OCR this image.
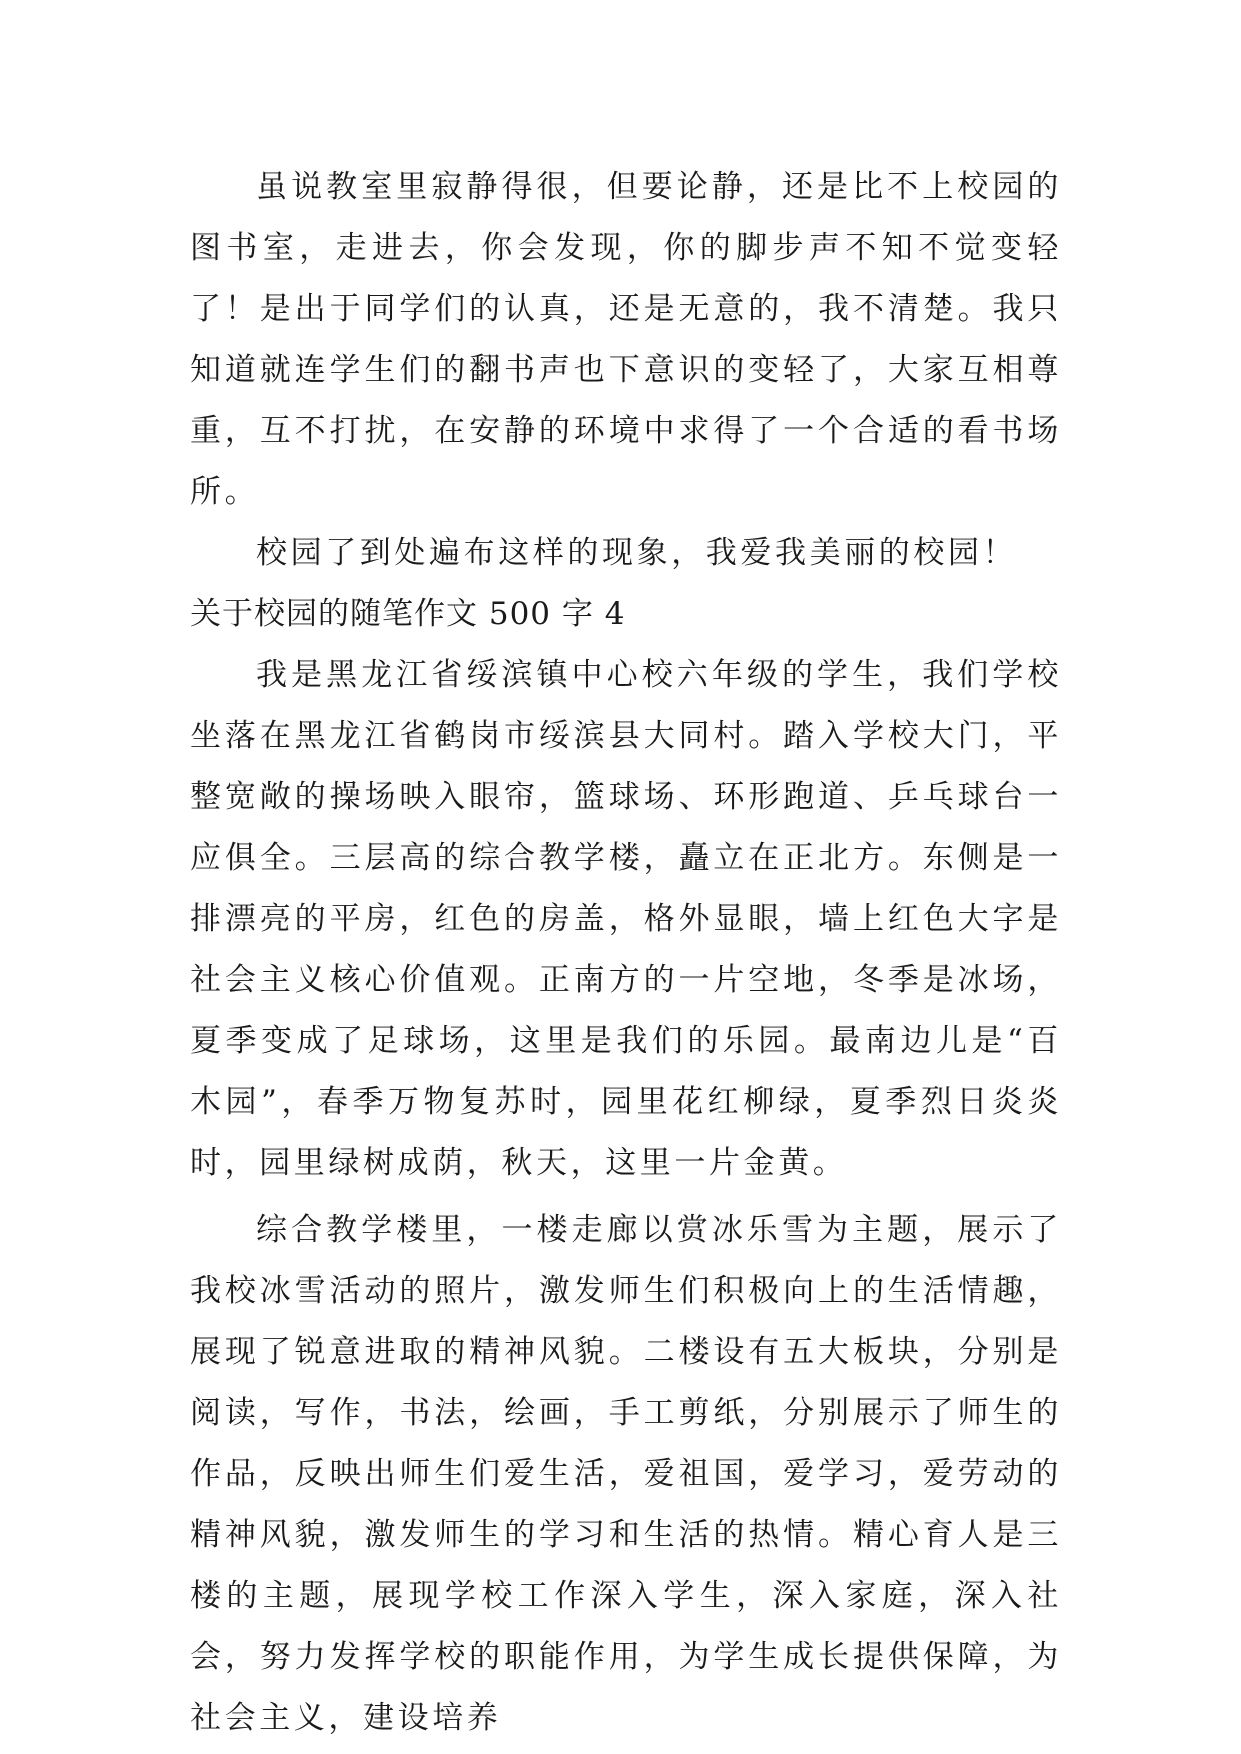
虽说教室里寂静得很，但要论静，还是比不上校园的图书室，走进去，你会发现，你的脚步声不知不觉变轻了！是出于同学们的认真，还是无意的，我不清楚。我只知道就连学生们的翻书声也下意识的变轻了，大家互相尊重，互不打扰，在安静的环境中求得了一个合适的看书场所。

校园了到处遍布这样的现象，我爱我美丽的校园！

关于校园的随笔作文 500 字 4

我是黑龙江省绥滨镇中心校六年级的学生，我们学校坐落在黑龙江省鹤岗市绥滨县大同村。踏入学校大门，平整宽敞的操场映入眼帘，篮球场、环形跑道、乒乓球台一应俱全。三层高的综合教学楼，矗立在正北方。东侧是一排漂亮的平房，红色的房盖，格外显眼，墙上红色大字是社会主义核心价值观。正南方的一片空地，冬季是冰场，夏季变成了足球场，这里是我们的乐园。最南边儿是“百木园”，春季万物复苏时，园里花红柳绿，夏季烈日炎炎时，园里绿树成荫，秋天，这里一片金黄。

综合教学楼里，一楼走廊以赏冰乐雪为主题，展示了我校冰雪活动的照片，激发师生们积极向上的生活情趣，展现了锐意进取的精神风貌。二楼设有五大板块，分别是阅读，写作，书法，绘画，手工剪纸，分别展示了师生的作品，反映出师生们爱生活，爱祖国，爱学习，爱劳动的精神风貌，激发师生的学习和生活的热情。精心育人是三楼的主题，展现学校工作深入学生，深入家庭，深入社会，努力发挥学校的职能作用，为学生成长提供保障，为社会主义，建设培养
